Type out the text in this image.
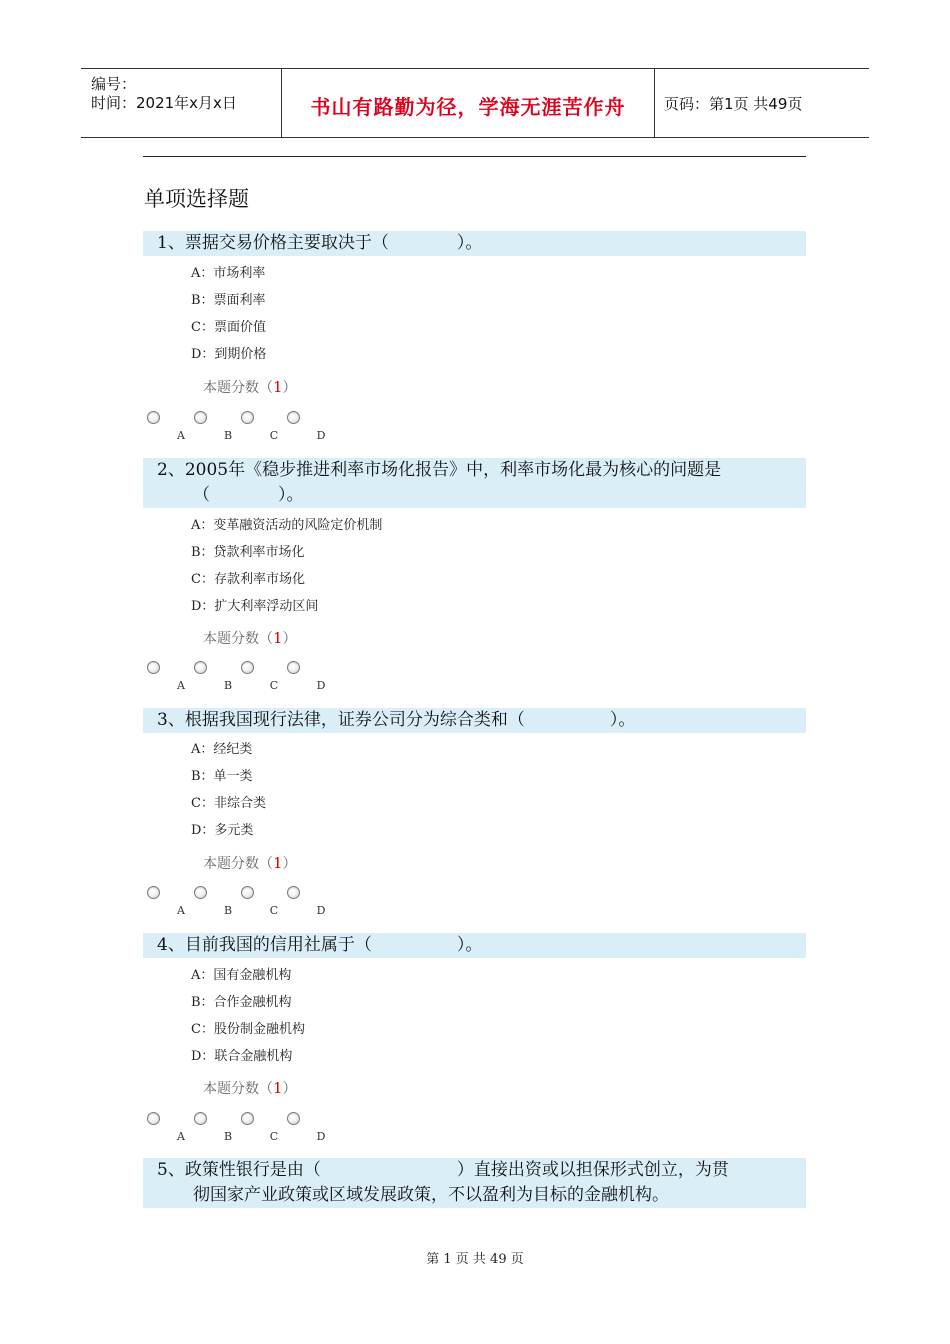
编号：
时间：2021年x月x日	书山有路勤为径，学海无涯苦作舟	页码：第1页 共49页
单项选择题
1、票据交易价格主要取决于（　　　　）。
A：市场利率
B：票面利率
C：票面价值
D：到期价格
本题分数（1）
A	B	C	D
2、2005年《稳步推进利率市场化报告》中，利率市场化最为核心的问题是
（　　　　）。
A：变革融资活动的风险定价机制
B：贷款利率市场化
C：存款利率市场化
D：扩大利率浮动区间
本题分数（1）
A	B	C	D
3、根据我国现行法律，证券公司分为综合类和（　　　　　）。
A：经纪类
B：单一类
C：非综合类
D：多元类
本题分数（1）
A	B	C	D
4、目前我国的信用社属于（　　　　　）。
A：国有金融机构
B：合作金融机构
C：股份制金融机构
D：联合金融机构
本题分数（1）
A	B	C	D
5、政策性银行是由（　　　　　　　　）直接出资或以担保形式创立，为贯
彻国家产业政策或区域发展政策，不以盈利为目标的金融机构。
第 1 页 共 49 页
